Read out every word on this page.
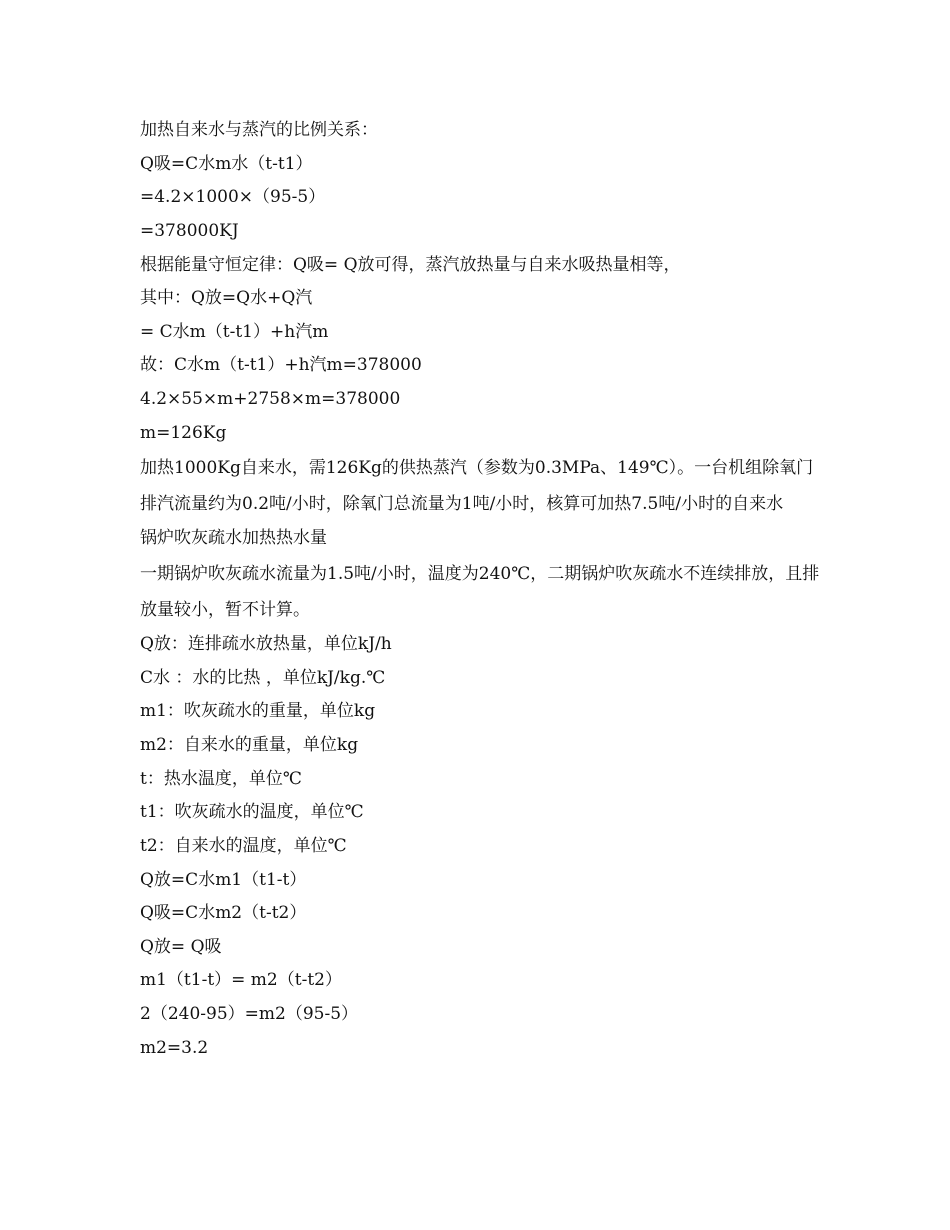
加热自来水与蒸汽的比例关系：
Q吸=C水m水（t-t1）
=4.2×1000×（95-5）
=378000KJ
根据能量守恒定律：Q吸= Q放可得，蒸汽放热量与自来水吸热量相等，
其中：Q放=Q水+Q汽
= C水m（t-t1）+h汽m
故：C水m（t-t1）+h汽m=378000
4.2×55×m+2758×m=378000
m=126Kg
加热1000Kg自来水，需126Kg的供热蒸汽（参数为0.3MPa、149℃）。一台机组除氧门排汽流量约为0.2吨/小时，除氧门总流量为1吨/小时，核算可加热7.5吨/小时的自来水
锅炉吹灰疏水加热热水量
一期锅炉吹灰疏水流量为1.5吨/小时，温度为240℃，二期锅炉吹灰疏水不连续排放，且排放量较小，暂不计算。
Q放：连排疏水放热量，单位kJ/h
C水 ：水的比热 ，单位kJ/kg.℃
m1：吹灰疏水的重量，单位kg
m2：自来水的重量，单位kg
t：热水温度，单位℃
t1：吹灰疏水的温度，单位℃
t2：自来水的温度，单位℃
Q放=C水m1（t1-t）
Q吸=C水m2（t-t2）
Q放= Q吸
m1（t1-t）= m2（t-t2）
2（240-95）=m2（95-5）
m2=3.2
